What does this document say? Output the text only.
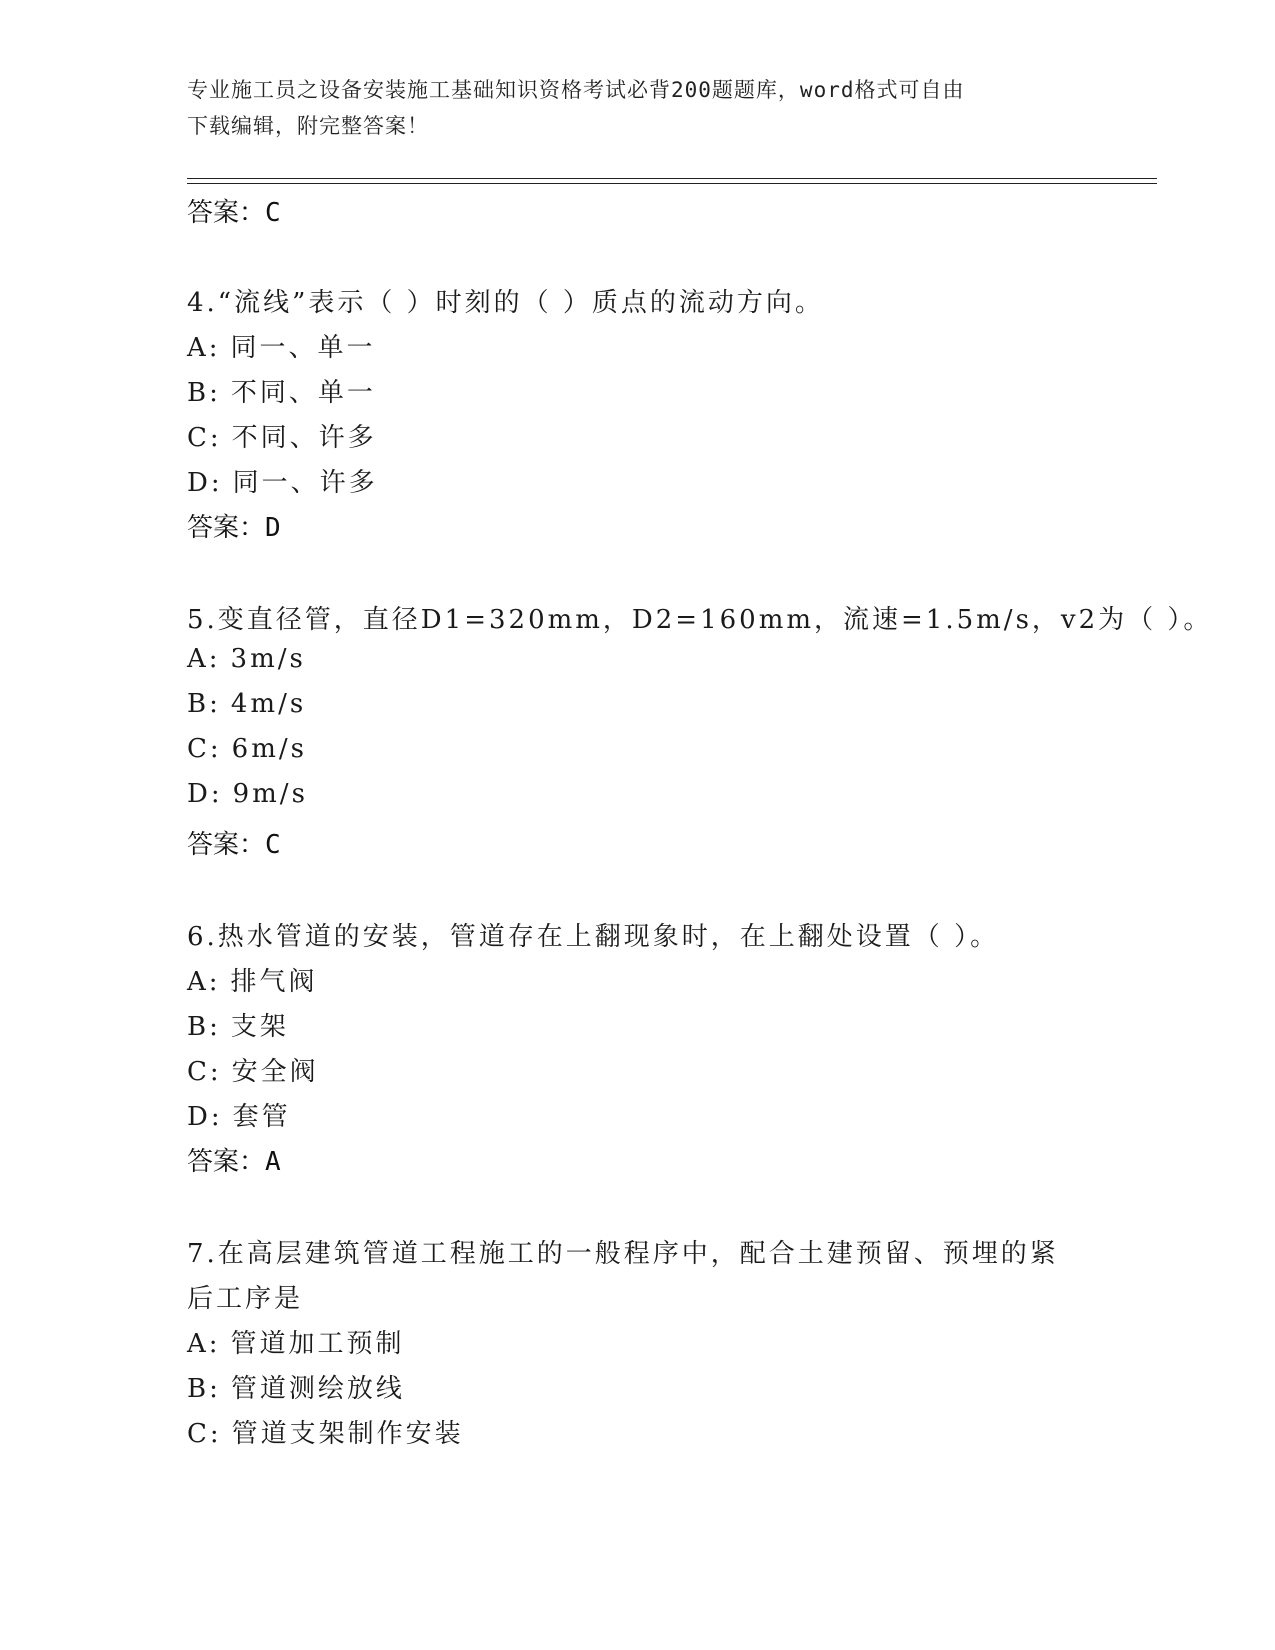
专业施工员之设备安装施工基础知识资格考试必背200题题库，word格式可自由
下载编辑，附完整答案！
答案：C
4.“流线”表示（ ）时刻的（ ）质点的流动方向。
A: 同一、单一
B: 不同、单一
C: 不同、许多
D: 同一、许多
答案：D
5.变直径管，直径D1=320mm，D2=160mm，流速=1.5m/s，v2为（ ）。
A: 3m/s
B: 4m/s
C: 6m/s
D: 9m/s
答案：C
6.热水管道的安装，管道存在上翻现象时，在上翻处设置（ ）。
A: 排气阀
B: 支架
C: 安全阀
D: 套管
答案：A
7.在高层建筑管道工程施工的一般程序中，配合土建预留、预埋的紧
后工序是
A: 管道加工预制
B: 管道测绘放线
C: 管道支架制作安装
